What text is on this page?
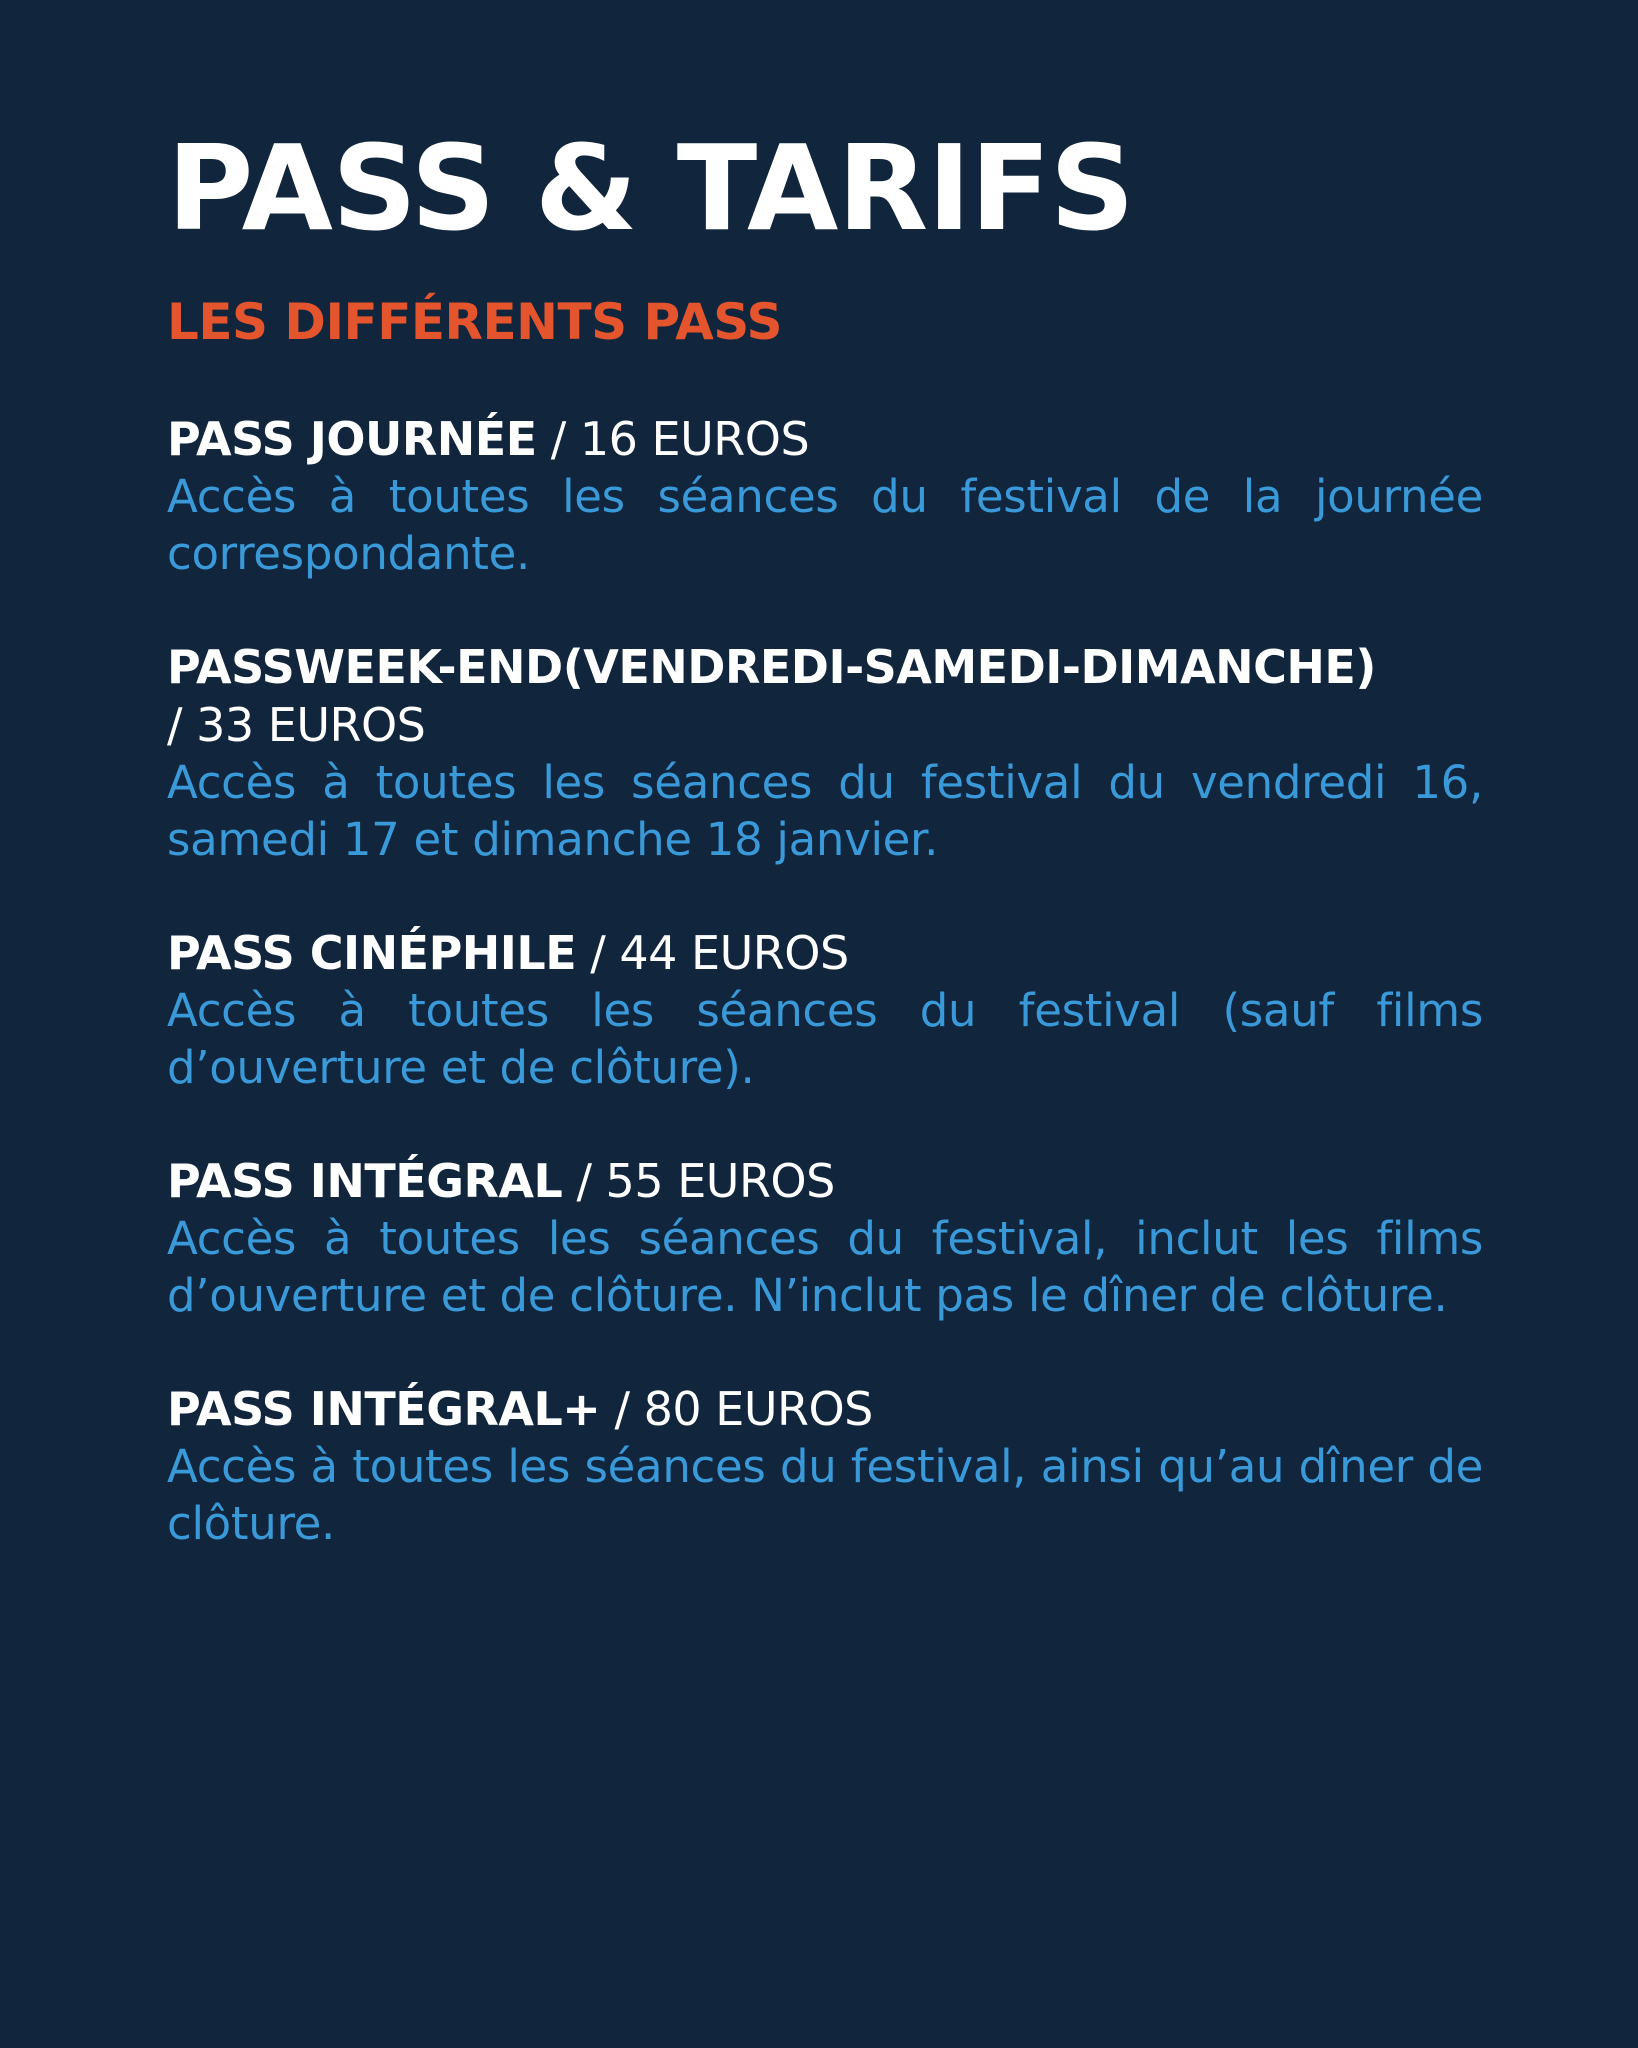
PASS & TARIFS
LES DIFFÉRENTS PASS
PASS JOURNÉE / 16 EUROS
Accès à toutes les séances du festival de la journée correspondante.
PASSWEEK-END(VENDREDI-SAMEDI-DIMANCHE)
/ 33 EUROS
Accès à toutes les séances du festival du vendredi 16, samedi 17 et dimanche 18 janvier.
PASS CINÉPHILE / 44 EUROS
Accès à toutes les séances du festival (sauf films d’ouverture et de clôture).
PASS INTÉGRAL / 55 EUROS
Accès à toutes les séances du festival, inclut les films d’ouverture et de clôture. N’inclut pas le dîner de clôture.
PASS INTÉGRAL+ / 80 EUROS
Accès à toutes les séances du festival, ainsi qu’au dîner de clôture.
